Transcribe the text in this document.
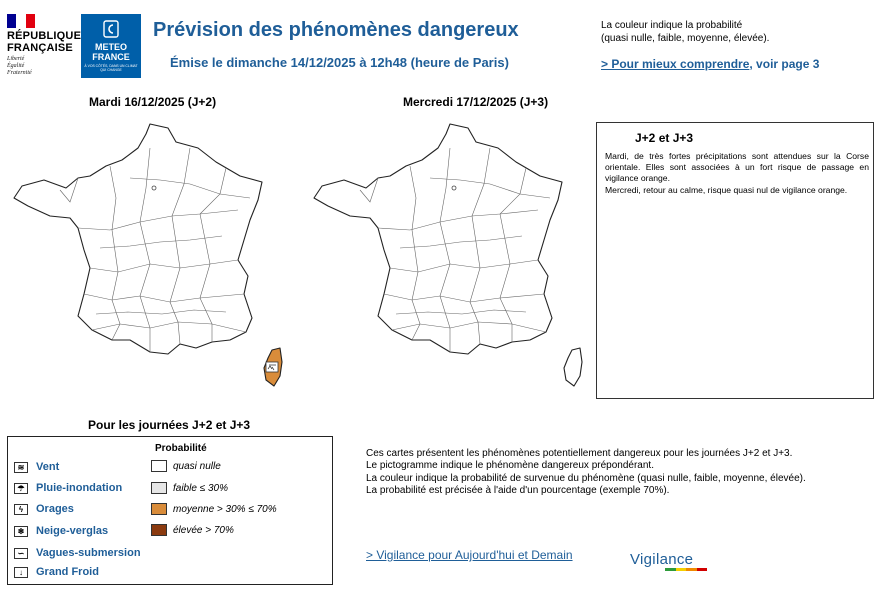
RÉPUBLIQUE
FRANÇAISE
Liberté
Égalité
Fraternité
METEO
FRANCE
À VOS CÔTÉS, DANS UN CLIMAT QUI CHANGE
Prévision des phénomènes dangereux
Émise le dimanche 14/12/2025 à 12h48 (heure de Paris)
La couleur indique la probabilité
(quasi nulle, faible, moyenne, élevée).
> Pour mieux comprendre, voir page 3
Mardi 16/12/2025 (J+2)	Mercredi 17/12/2025 (J+3)
J+2 et J+3

Mardi, de très fortes précipitations sont attendues sur la Corse orientale. Elles sont associées à un fort risque de passage en vigilance orange.

Mercredi, retour au calme, risque quasi nul de vigilance orange.

Pour les journées J+2 et J+3
Probabilité
≋	Vent
☂	Pluie-inondation
ϟ	Orages
❄	Neige-verglas
∽	Vagues-submersion
↓	Grand Froid
quasi nulle
faible ≤ 30%
moyenne > 30% ≤ 70%
élevée > 70%
Ces cartes présentent les phénomènes potentiellement dangereux pour les journées J+2 et J+3.
Le pictogramme indique le phénomène dangereux prépondérant.
La couleur indique la probabilité de survenue du phénomène (quasi nulle, faible, moyenne, élevée).
La probabilité est précisée à l'aide d'un pourcentage (exemple 70%).
> Vigilance pour Aujourd'hui et Demain	Vigilance
